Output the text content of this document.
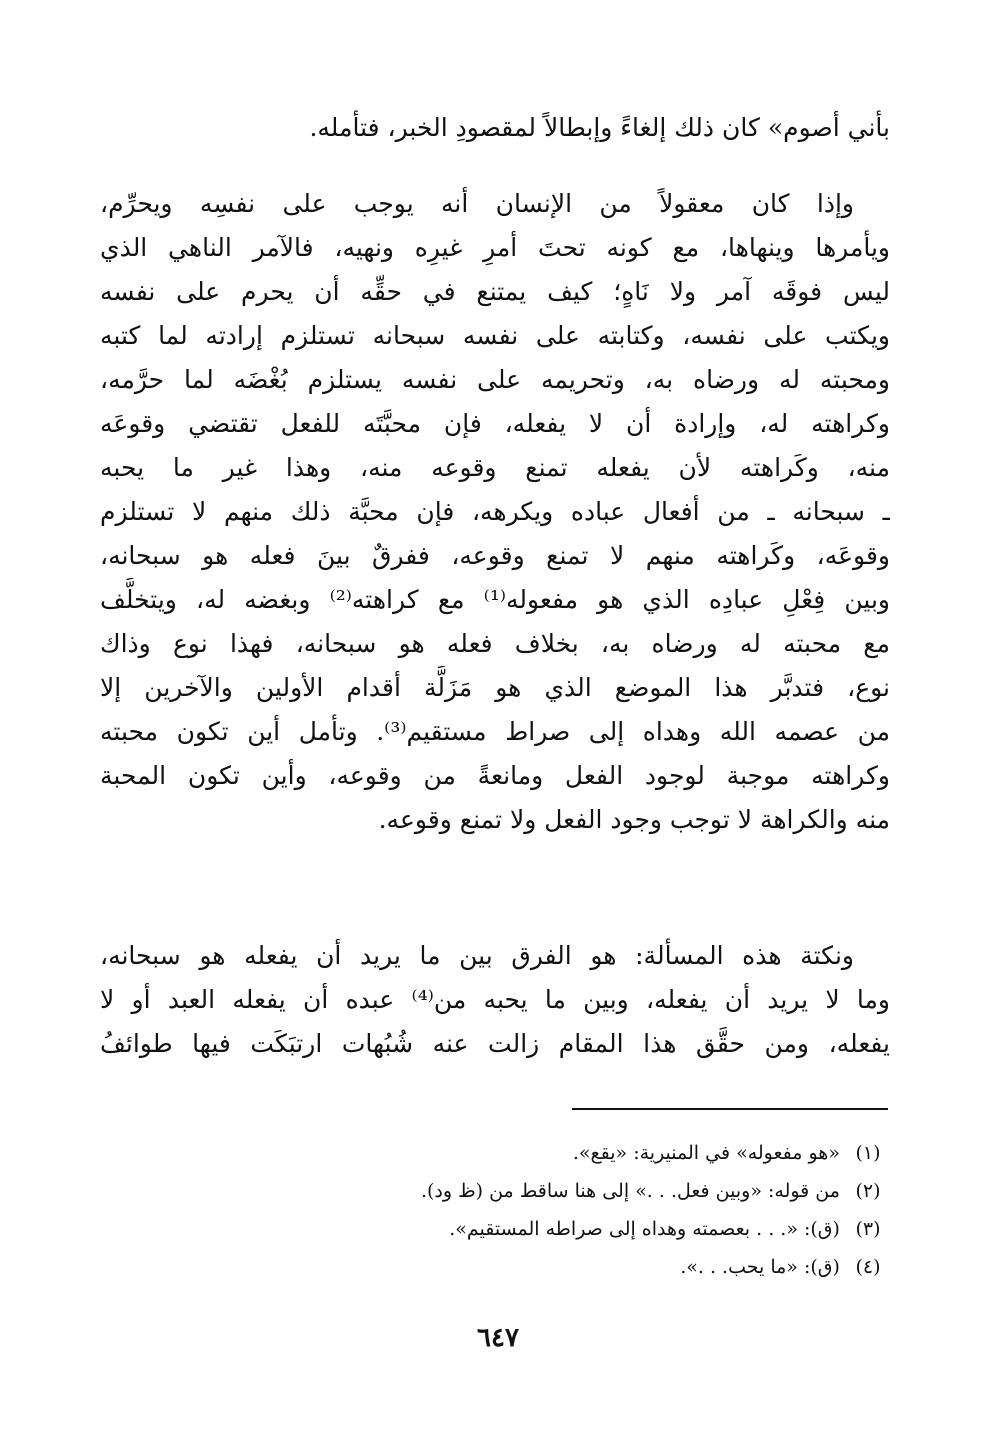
بأني أصوم» كان ذلك إلغاءً وإبطالاً لمقصودِ الخبر، فتأمله.
وإذا كان معقولاً من الإنسان أنه يوجب على نفسِه ويحرِّم،
ويأمرها وينهاها، مع كونه تحتَ أمرِ غيرِه ونهيه، فالآمر الناهي الذي
ليس فوقَه آمر ولا نَاهٍ؛ كيف يمتنع في حقِّه أن يحرم على نفسه
ويكتب على نفسه، وكتابته على نفسه سبحانه تستلزم إرادته لما كتبه
ومحبته له ورضاه به، وتحريمه على نفسه يستلزم بُغْضَه لما حرَّمه،
وكراهته له، وإرادة أن لا يفعله، فإن محبَّتَه للفعل تقتضي وقوعَه
منه، وكَراهته لأن يفعله تمنع وقوعه منه، وهذا غير ما يحبه
ـ سبحانه ـ من أفعال عباده ويكرهه، فإن محبَّة ذلك منهم لا تستلزم
وقوعَه، وكَراهته منهم لا تمنع وقوعه، ففرقٌ بينَ فعله هو سبحانه،
وبين فِعْلِ عبادِه الذي هو مفعوله⁽¹⁾ مع كراهته⁽²⁾ وبغضه له، ويتخلَّف
مع محبته له ورضاه به، بخلاف فعله هو سبحانه، فهذا نوع وذاك
نوع، فتدبَّر هذا الموضع الذي هو مَزَلَّة أقدام الأولين والآخرين إلا
من عصمه الله وهداه إلى صراط مستقيم⁽³⁾. وتأمل أين تكون محبته
وكراهته موجبة لوجود الفعل ومانعةً من وقوعه، وأين تكون المحبة
منه والكراهة لا توجب وجود الفعل ولا تمنع وقوعه.
ونكتة هذه المسألة: هو الفرق بين ما يريد أن يفعله هو سبحانه،
وما لا يريد أن يفعله، وبين ما يحبه من⁽⁴⁾ عبده أن يفعله العبد أو لا
يفعله، ومن حقَّق هذا المقام زالت عنه شُبُهات ارتبَكَت فيها طوائفُ
(١) «هو مفعوله» في المنيرية: «يقع».
(٢) من قوله: «وبين فعل. . .» إلى هنا ساقط من (ظ ود).
(٣) (ق): «. . . بعصمته وهداه إلى صراطه المستقيم».
(٤) (ق): «ما يحب. . .».
٦٤٧
